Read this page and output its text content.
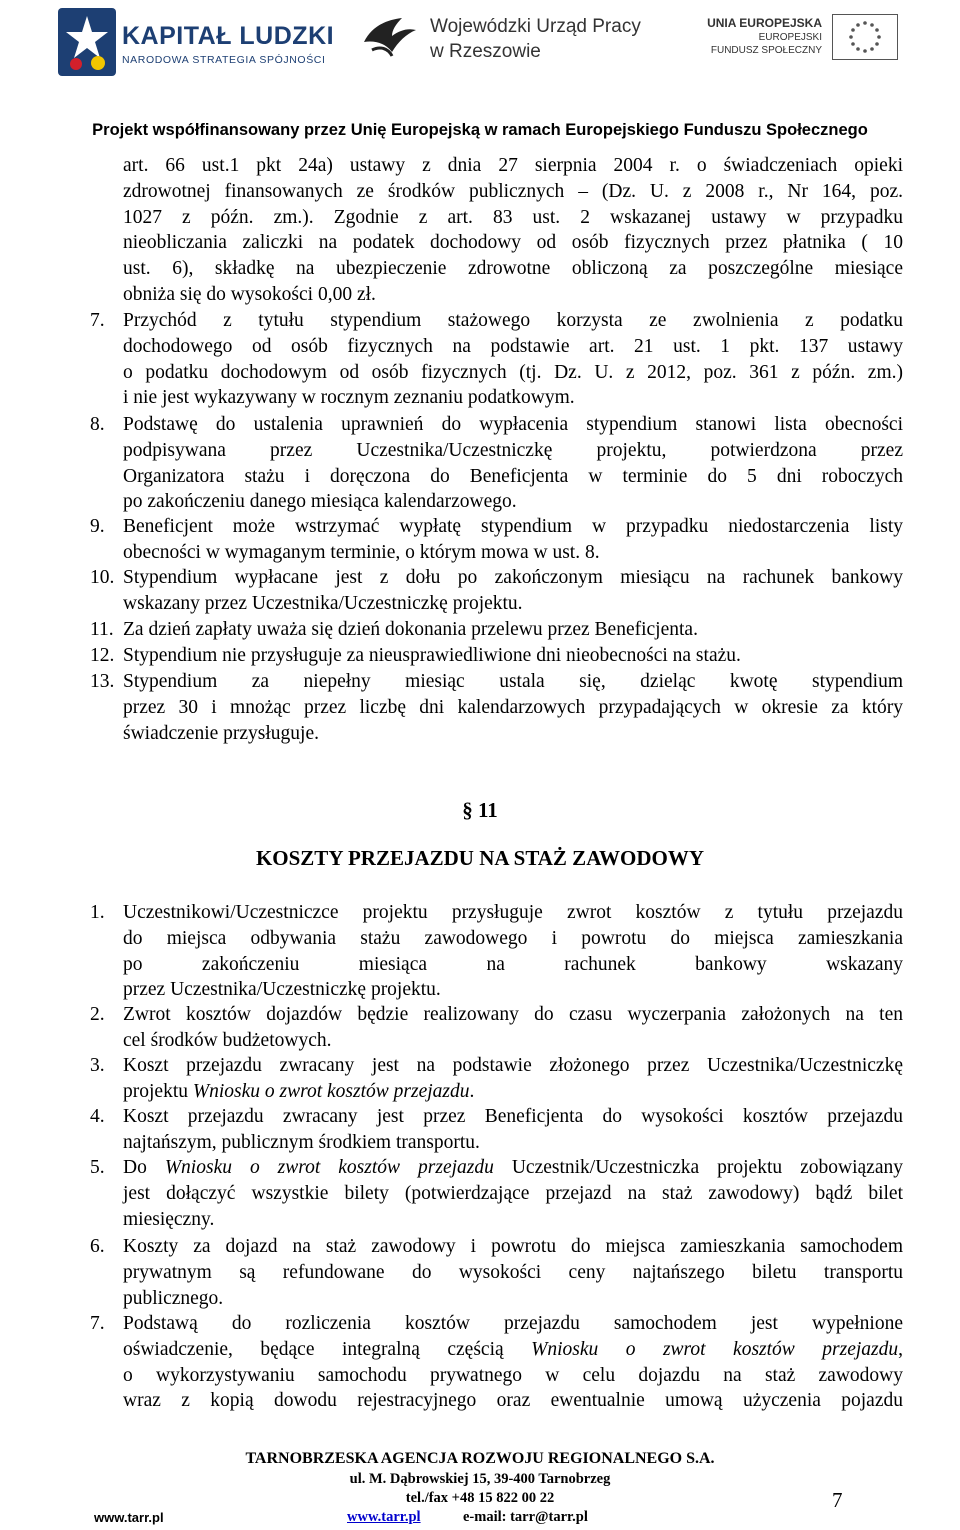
KAPITAŁ LUDZKI
NARODOWA STRATEGIA SPÓJNOŚCI
Wojewódzki Urząd Pracy
w Rzeszowie
UNIA EUROPEJSKA
EUROPEJSKI
FUNDUSZ SPOŁECZNY
Projekt współfinansowany przez Unię Europejską w ramach Europejskiego Funduszu Społecznego
art. 66 ust.1 pkt 24a) ustawy z dnia 27 sierpnia 2004 r. o świadczeniach opieki
zdrowotnej finansowanych ze środków publicznych – (Dz. U. z 2008 r., Nr 164, poz.
1027 z późn. zm.). Zgodnie z art. 83 ust. 2 wskazanej ustawy w przypadku
nieobliczania zaliczki na podatek dochodowy od osób fizycznych przez płatnika ( 10
ust. 6), składkę na ubezpieczenie zdrowotne obliczoną za poszczególne miesiące
obniża się do wysokości 0,00 zł.
7. Przychód z tytułu stypendium stażowego korzysta ze zwolnienia z podatku
dochodowego od osób fizycznych na podstawie art. 21 ust. 1 pkt. 137 ustawy
o podatku dochodowym od osób fizycznych (tj. Dz. U. z 2012, poz. 361 z późn. zm.)
i nie jest wykazywany w rocznym zeznaniu podatkowym.
8. Podstawę do ustalenia uprawnień do wypłacenia stypendium stanowi lista obecności
podpisywana przez Uczestnika/Uczestniczkę projektu, potwierdzona przez
Organizatora stażu i doręczona do Beneficjenta w terminie do 5 dni roboczych
po zakończeniu danego miesiąca kalendarzowego.
9. Beneficjent może wstrzymać wypłatę stypendium w przypadku niedostarczenia listy
obecności w wymaganym terminie, o którym mowa w ust. 8.
10. Stypendium wypłacane jest z dołu po zakończonym miesiącu na rachunek bankowy
wskazany przez Uczestnika/Uczestniczkę projektu.
11. Za dzień zapłaty uważa się dzień dokonania przelewu przez Beneficjenta.
12. Stypendium nie przysługuje za nieusprawiedliwione dni nieobecności na stażu.
13. Stypendium za niepełny miesiąc ustala się, dzieląc kwotę stypendium
przez 30 i mnożąc przez liczbę dni kalendarzowych przypadających w okresie za który
świadczenie przysługuje.
§ 11
KOSZTY PRZEJAZDU NA STAŻ ZAWODOWY
1. Uczestnikowi/Uczestniczce projektu przysługuje zwrot kosztów z tytułu przejazdu
do miejsca odbywania stażu zawodowego i powrotu do miejsca zamieszkania
po zakończeniu miesiąca na rachunek bankowy wskazany
przez Uczestnika/Uczestniczkę projektu.
2. Zwrot kosztów dojazdów będzie realizowany do czasu wyczerpania założonych na ten
cel środków budżetowych.
3. Koszt przejazdu zwracany jest na podstawie złożonego przez Uczestnika/Uczestniczkę
projektu Wniosku o zwrot kosztów przejazdu.
4. Koszt przejazdu zwracany jest przez Beneficjenta do wysokości kosztów przejazdu
najtańszym, publicznym środkiem transportu.
5. Do Wniosku o zwrot kosztów przejazdu Uczestnik/Uczestniczka projektu zobowiązany
jest dołączyć wszystkie bilety (potwierdzające przejazd na staż zawodowy) bądź bilet
miesięczny.
6. Koszty za dojazd na staż zawodowy i powrotu do miejsca zamieszkania samochodem
prywatnym są refundowane do wysokości ceny najtańszego biletu transportu
publicznego.
7. Podstawą do rozliczenia kosztów przejazdu samochodem jest wypełnione
oświadczenie, będące integralną częścią Wniosku o zwrot kosztów przejazdu,
o wykorzystywaniu samochodu prywatnego w celu dojazdu na staż zawodowy
wraz z kopią dowodu rejestracyjnego oraz ewentualnie umową użyczenia pojazdu
TARNOBRZESKA AGENCJA ROZWOJU REGIONALNEGO S.A.
ul. M. Dąbrowskiej 15, 39-400 Tarnobrzeg
tel./fax +48 15 822 00 22
www.tarr.pl	e-mail: tarr@tarr.pl
www.tarr.pl
7
